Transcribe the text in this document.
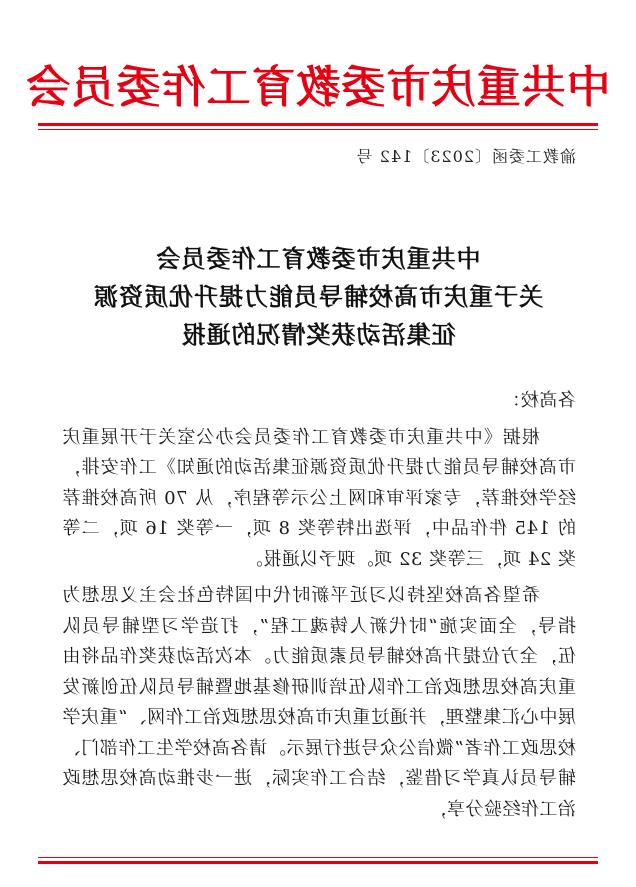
中共重庆市委教育工作委员会
渝教工委函〔2023〕142 号
中共重庆市委教育工作委员会
关于重庆市高校辅导员能力提升优质资源
征集活动获奖情况的通报
各高校：

根据《中共重庆市委教育工作委员会办公室关于开展重庆市高校辅导员能力提升优质资源征集活动的通知》工作安排，经学校推荐，专家评审和网上公示等程序，从 70 所高校推荐的 145 件作品中，评选出特等奖 8 项，一等奖 16 项，二等奖 24 项，三等奖 32 项。现予以通报。

希望各高校坚持以习近平新时代中国特色社会主义思想为指导，全面实施“时代新人铸魂工程”，打造学习型辅导员队伍，全方位提升高校辅导员素质能力。本次活动获奖作品将由重庆高校思想政治工作队伍培训研修基地暨辅导员队伍创新发展中心汇集整理，并通过重庆市高校思想政治工作网、“重庆学校思政工作者”微信公众号进行展示。请各高校学生工作部门、辅导员认真学习借鉴，结合工作实际，进一步推动高校思想政治工作经验分享，
